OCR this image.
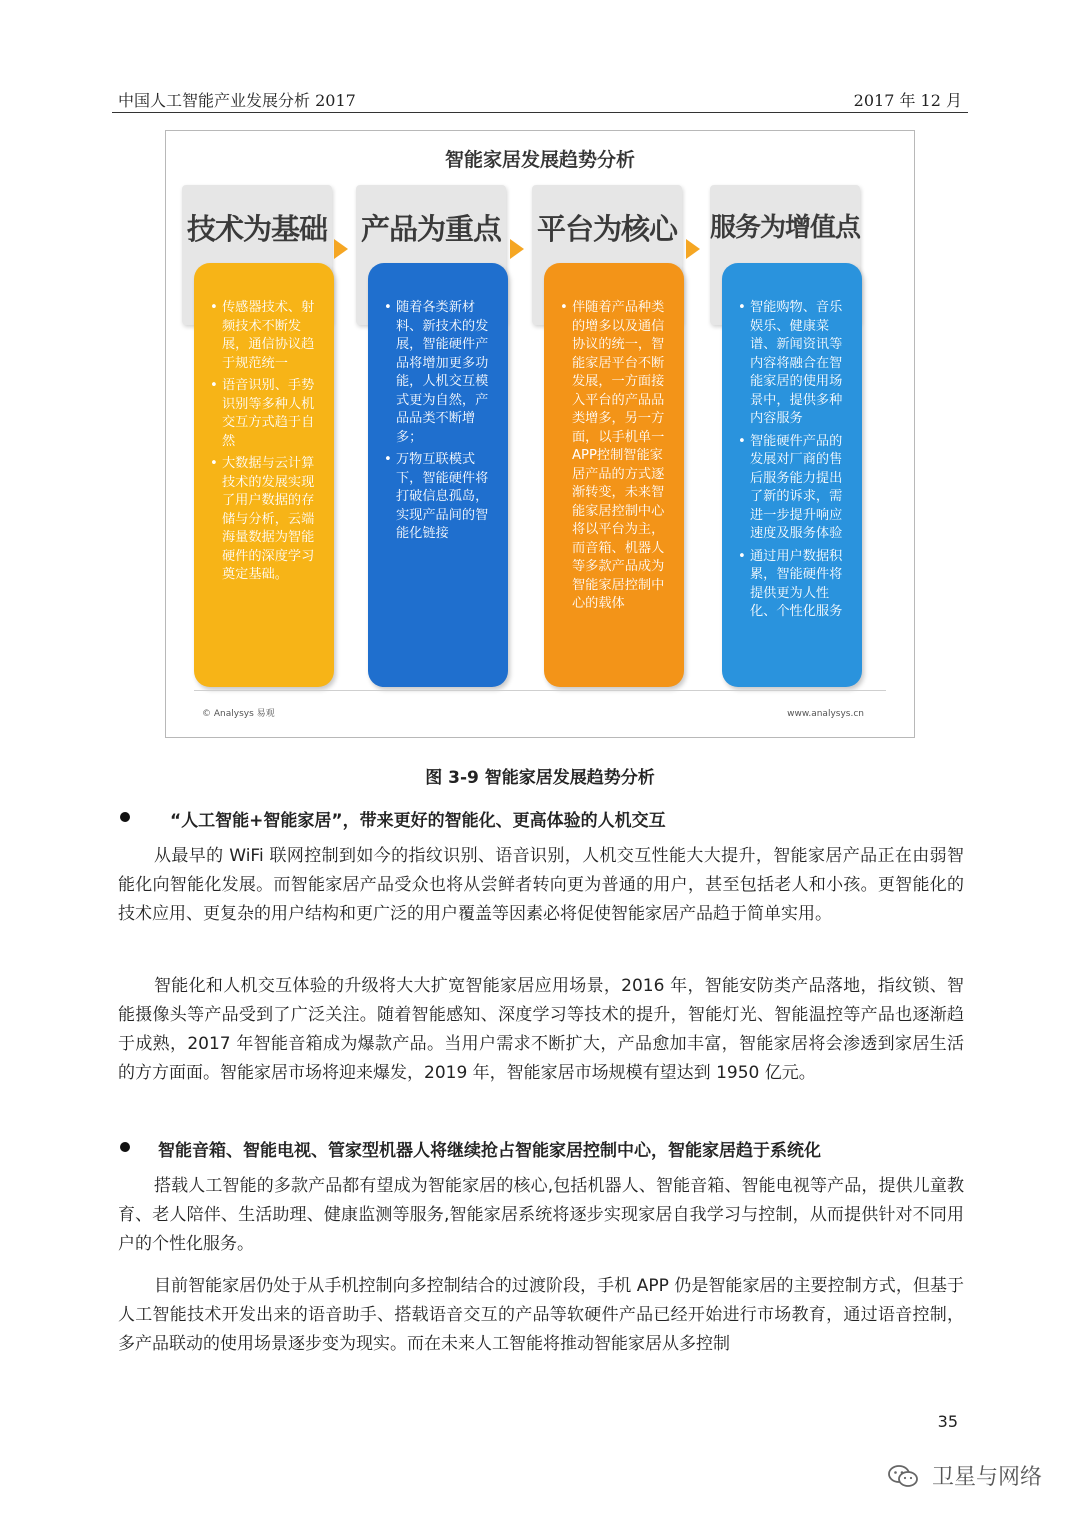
中国人工智能产业发展分析 2017	2017 年 12 月
智能家居发展趋势分析
技术为基础
• 传感器技术、射频技术不断发展，通信协议趋于规范统一
• 语音识别、手势识别等多种人机交互方式趋于自然
• 大数据与云计算技术的发展实现了用户数据的存储与分析，云端海量数据为智能硬件的深度学习奠定基础。
产品为重点
• 随着各类新材料、新技术的发展，智能硬件产品将增加更多功能，人机交互模式更为自然，产品品类不断增多；
• 万物互联模式下，智能硬件将打破信息孤岛，实现产品间的智能化链接
平台为核心
• 伴随着产品种类的增多以及通信协议的统一，智能家居平台不断发展，一方面接入平台的产品品类增多，另一方面，以手机单一APP控制智能家居产品的方式逐渐转变，未来智能家居控制中心将以平台为主，而音箱、机器人等多款产品成为智能家居控制中心的载体
服务为增值点
• 智能购物、音乐娱乐、健康菜谱、新闻资讯等内容将融合在智能家居的使用场景中，提供多种内容服务
• 智能硬件产品的发展对厂商的售后服务能力提出了新的诉求，需进一步提升响应速度及服务体验
• 通过用户数据积累，智能硬件将提供更为人性化、个性化服务
© Analysys 易观	www.analysys.cn
图 3-9 智能家居发展趋势分析
“人工智能+智能家居”，带来更好的智能化、更高体验的人机交互

从最早的 WiFi 联网控制到如今的指纹识别、语音识别，人机交互性能大大提升，智能家居产品正在由弱智能化向智能化发展。而智能家居产品受众也将从尝鲜者转向更为普通的用户，甚至包括老人和小孩。更智能化的技术应用、更复杂的用户结构和更广泛的用户覆盖等因素必将促使智能家居产品趋于简单实用。

智能化和人机交互体验的升级将大大扩宽智能家居应用场景，2016 年，智能安防类产品落地，指纹锁、智能摄像头等产品受到了广泛关注。随着智能感知、深度学习等技术的提升，智能灯光、智能温控等产品也逐渐趋于成熟，2017 年智能音箱成为爆款产品。当用户需求不断扩大，产品愈加丰富，智能家居将会渗透到家居生活的方方面面。智能家居市场将迎来爆发，2019 年，智能家居市场规模有望达到 1950 亿元。

智能音箱、智能电视、管家型机器人将继续抢占智能家居控制中心，智能家居趋于系统化

搭载人工智能的多款产品都有望成为智能家居的核心,包括机器人、智能音箱、智能电视等产品，提供儿童教育、老人陪伴、生活助理、健康监测等服务,智能家居系统将逐步实现家居自我学习与控制，从而提供针对不同用户的个性化服务。

目前智能家居仍处于从手机控制向多控制结合的过渡阶段，手机 APP 仍是智能家居的主要控制方式，但基于人工智能技术开发出来的语音助手、搭载语音交互的产品等软硬件产品已经开始进行市场教育，通过语音控制，多产品联动的使用场景逐步变为现实。而在未来人工智能将推动智能家居从多控制

35
卫星与网络
